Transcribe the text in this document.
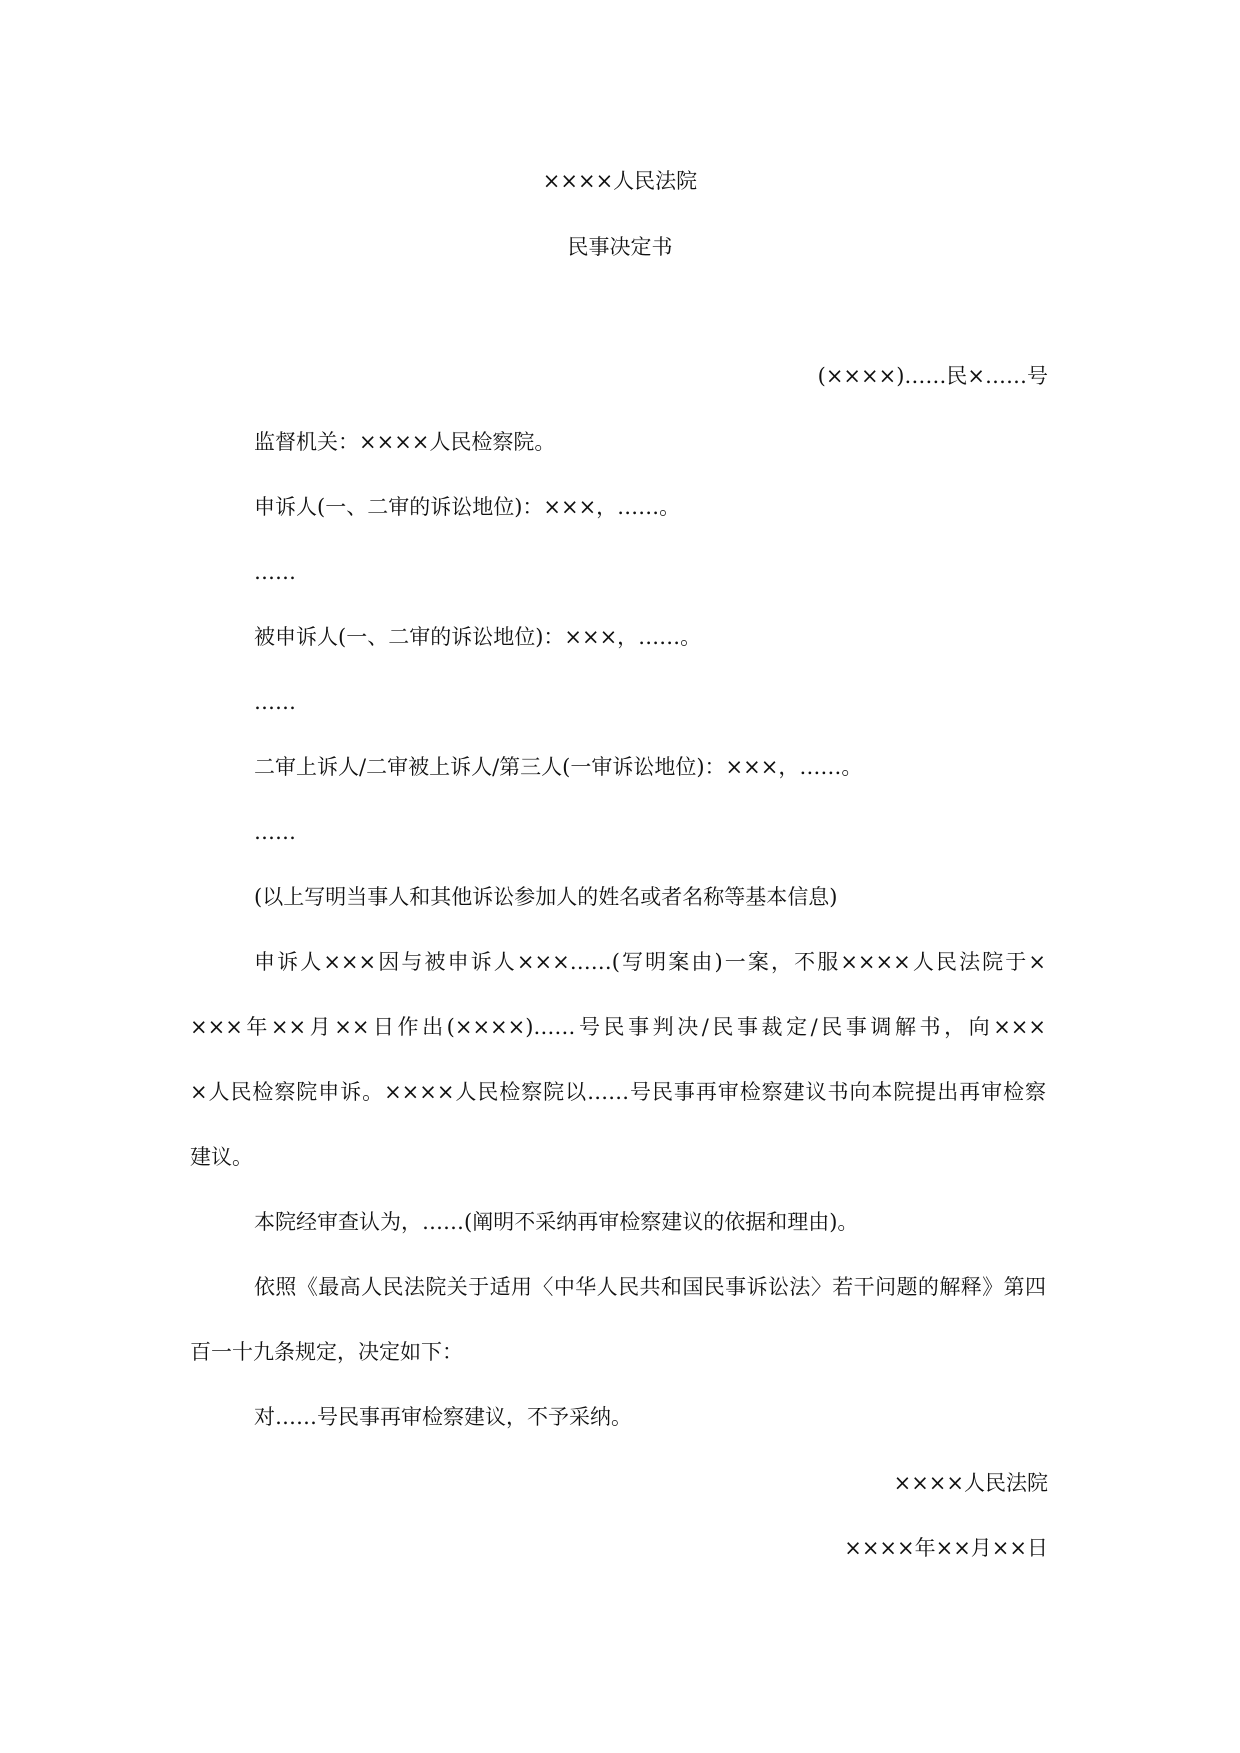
××××人民法院
民事决定书
(××××)……民×……号
监督机关：××××人民检察院。
申诉人(一、二审的诉讼地位)：×××，……。
……
被申诉人(一、二审的诉讼地位)：×××，……。
……
二审上诉人/二审被上诉人/第三人(一审诉讼地位)：×××，……。
……
(以上写明当事人和其他诉讼参加人的姓名或者名称等基本信息)
申诉人×××因与被申诉人×××……(写明案由)一案，不服××××人民法院于×
×××年××月××日作出(××××)……号民事判决/民事裁定/民事调解书，向×××
×人民检察院申诉。××××人民检察院以……号民事再审检察建议书向本院提出再审检察
建议。
本院经审查认为，……(阐明不采纳再审检察建议的依据和理由)。
依照《最高人民法院关于适用〈中华人民共和国民事诉讼法〉若干问题的解释》第四
百一十九条规定，决定如下：
对……号民事再审检察建议，不予采纳。
××××人民法院
××××年××月××日
